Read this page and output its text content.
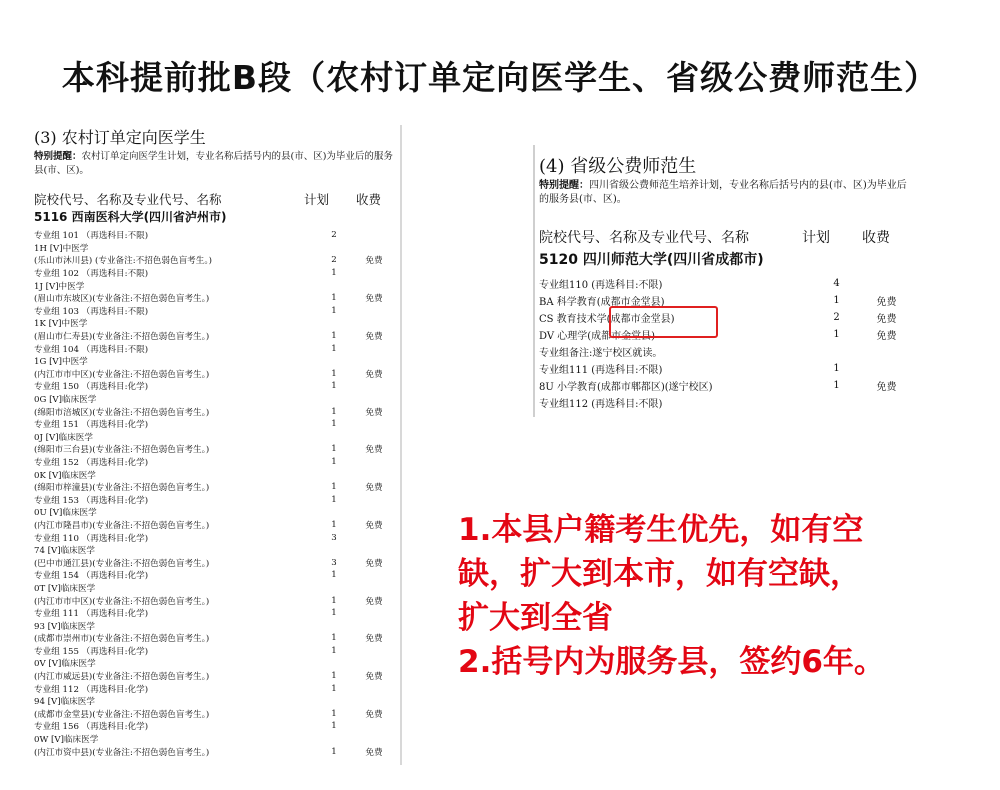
本科提前批B段（农村订单定向医学生、省级公费师范生）
(3) 农村订单定向医学生
特别提醒：农村订单定向医学生计划，专业名称后括号内的县(市、区)为毕业后的服务县(市、区)。
院校代号、名称及专业代号、名称	计划	收费
5116 西南医科大学(四川省泸州市)
专业组 101 （再选科目:不限)	2
1H [V]中医学
(乐山市沐川县) (专业备注:不招色弱色盲考生。)	2	免费
专业组 102 （再选科目:不限)	1
1J [V]中医学
(眉山市东坡区)(专业备注:不招色弱色盲考生。)	1	免费
专业组 103 （再选科目:不限)	1
1K [V]中医学
(眉山市仁寿县)(专业备注:不招色弱色盲考生。)	1	免费
专业组 104 （再选科目:不限)	1
1G [V]中医学
(内江市市中区)(专业备注:不招色弱色盲考生。)	1	免费
专业组 150 （再选科目:化学)	1
0G [V]临床医学
(绵阳市涪城区)(专业备注:不招色弱色盲考生。)	1	免费
专业组 151 （再选科目:化学)	1
0J [V]临床医学
(绵阳市三台县)(专业备注:不招色弱色盲考生。)	1	免费
专业组 152 （再选科目:化学)	1
0K [V]临床医学
(绵阳市梓潼县)(专业备注:不招色弱色盲考生。)	1	免费
专业组 153 （再选科目:化学)	1
0U [V]临床医学
(内江市隆昌市)(专业备注:不招色弱色盲考生。)	1	免费
专业组 110 （再选科目:化学)	3
74 [V]临床医学
(巴中市通江县)(专业备注:不招色弱色盲考生。)	3	免费
专业组 154 （再选科目:化学)	1
0T [V]临床医学
(内江市市中区)(专业备注:不招色弱色盲考生。)	1	免费
专业组 111 （再选科目:化学)	1
93 [V]临床医学
(成都市崇州市)(专业备注:不招色弱色盲考生。)	1	免费
专业组 155 （再选科目:化学)	1
0V [V]临床医学
(内江市威远县)(专业备注:不招色弱色盲考生。)	1	免费
专业组 112 （再选科目:化学)	1
94 [V]临床医学
(成都市金堂县)(专业备注:不招色弱色盲考生。)	1	免费
专业组 156 （再选科目:化学)	1
0W [V]临床医学
(内江市资中县)(专业备注:不招色弱色盲考生。)	1	免费
(4) 省级公费师范生
特别提醒：四川省级公费师范生培养计划，专业名称后括号内的县(市、区)为毕业后的服务县(市、区)。
院校代号、名称及专业代号、名称	计划	收费
5120 四川师范大学(四川省成都市)
专业组110 (再选科目:不限)	4
BA 科学教育(成都市金堂县)	1	免费
CS 教育技术学(成都市金堂县)	2	免费
DV 心理学(成都市金堂县)	1	免费
专业组备注:遂宁校区就读。
专业组111 (再选科目:不限)	1
8U 小学教育(成都市郫都区)(遂宁校区)	1	免费
专业组112 (再选科目:不限)
1.本县户籍考生优先，如有空
缺，扩大到本市，如有空缺，
扩大到全省
2.括号内为服务县，签约6年。
